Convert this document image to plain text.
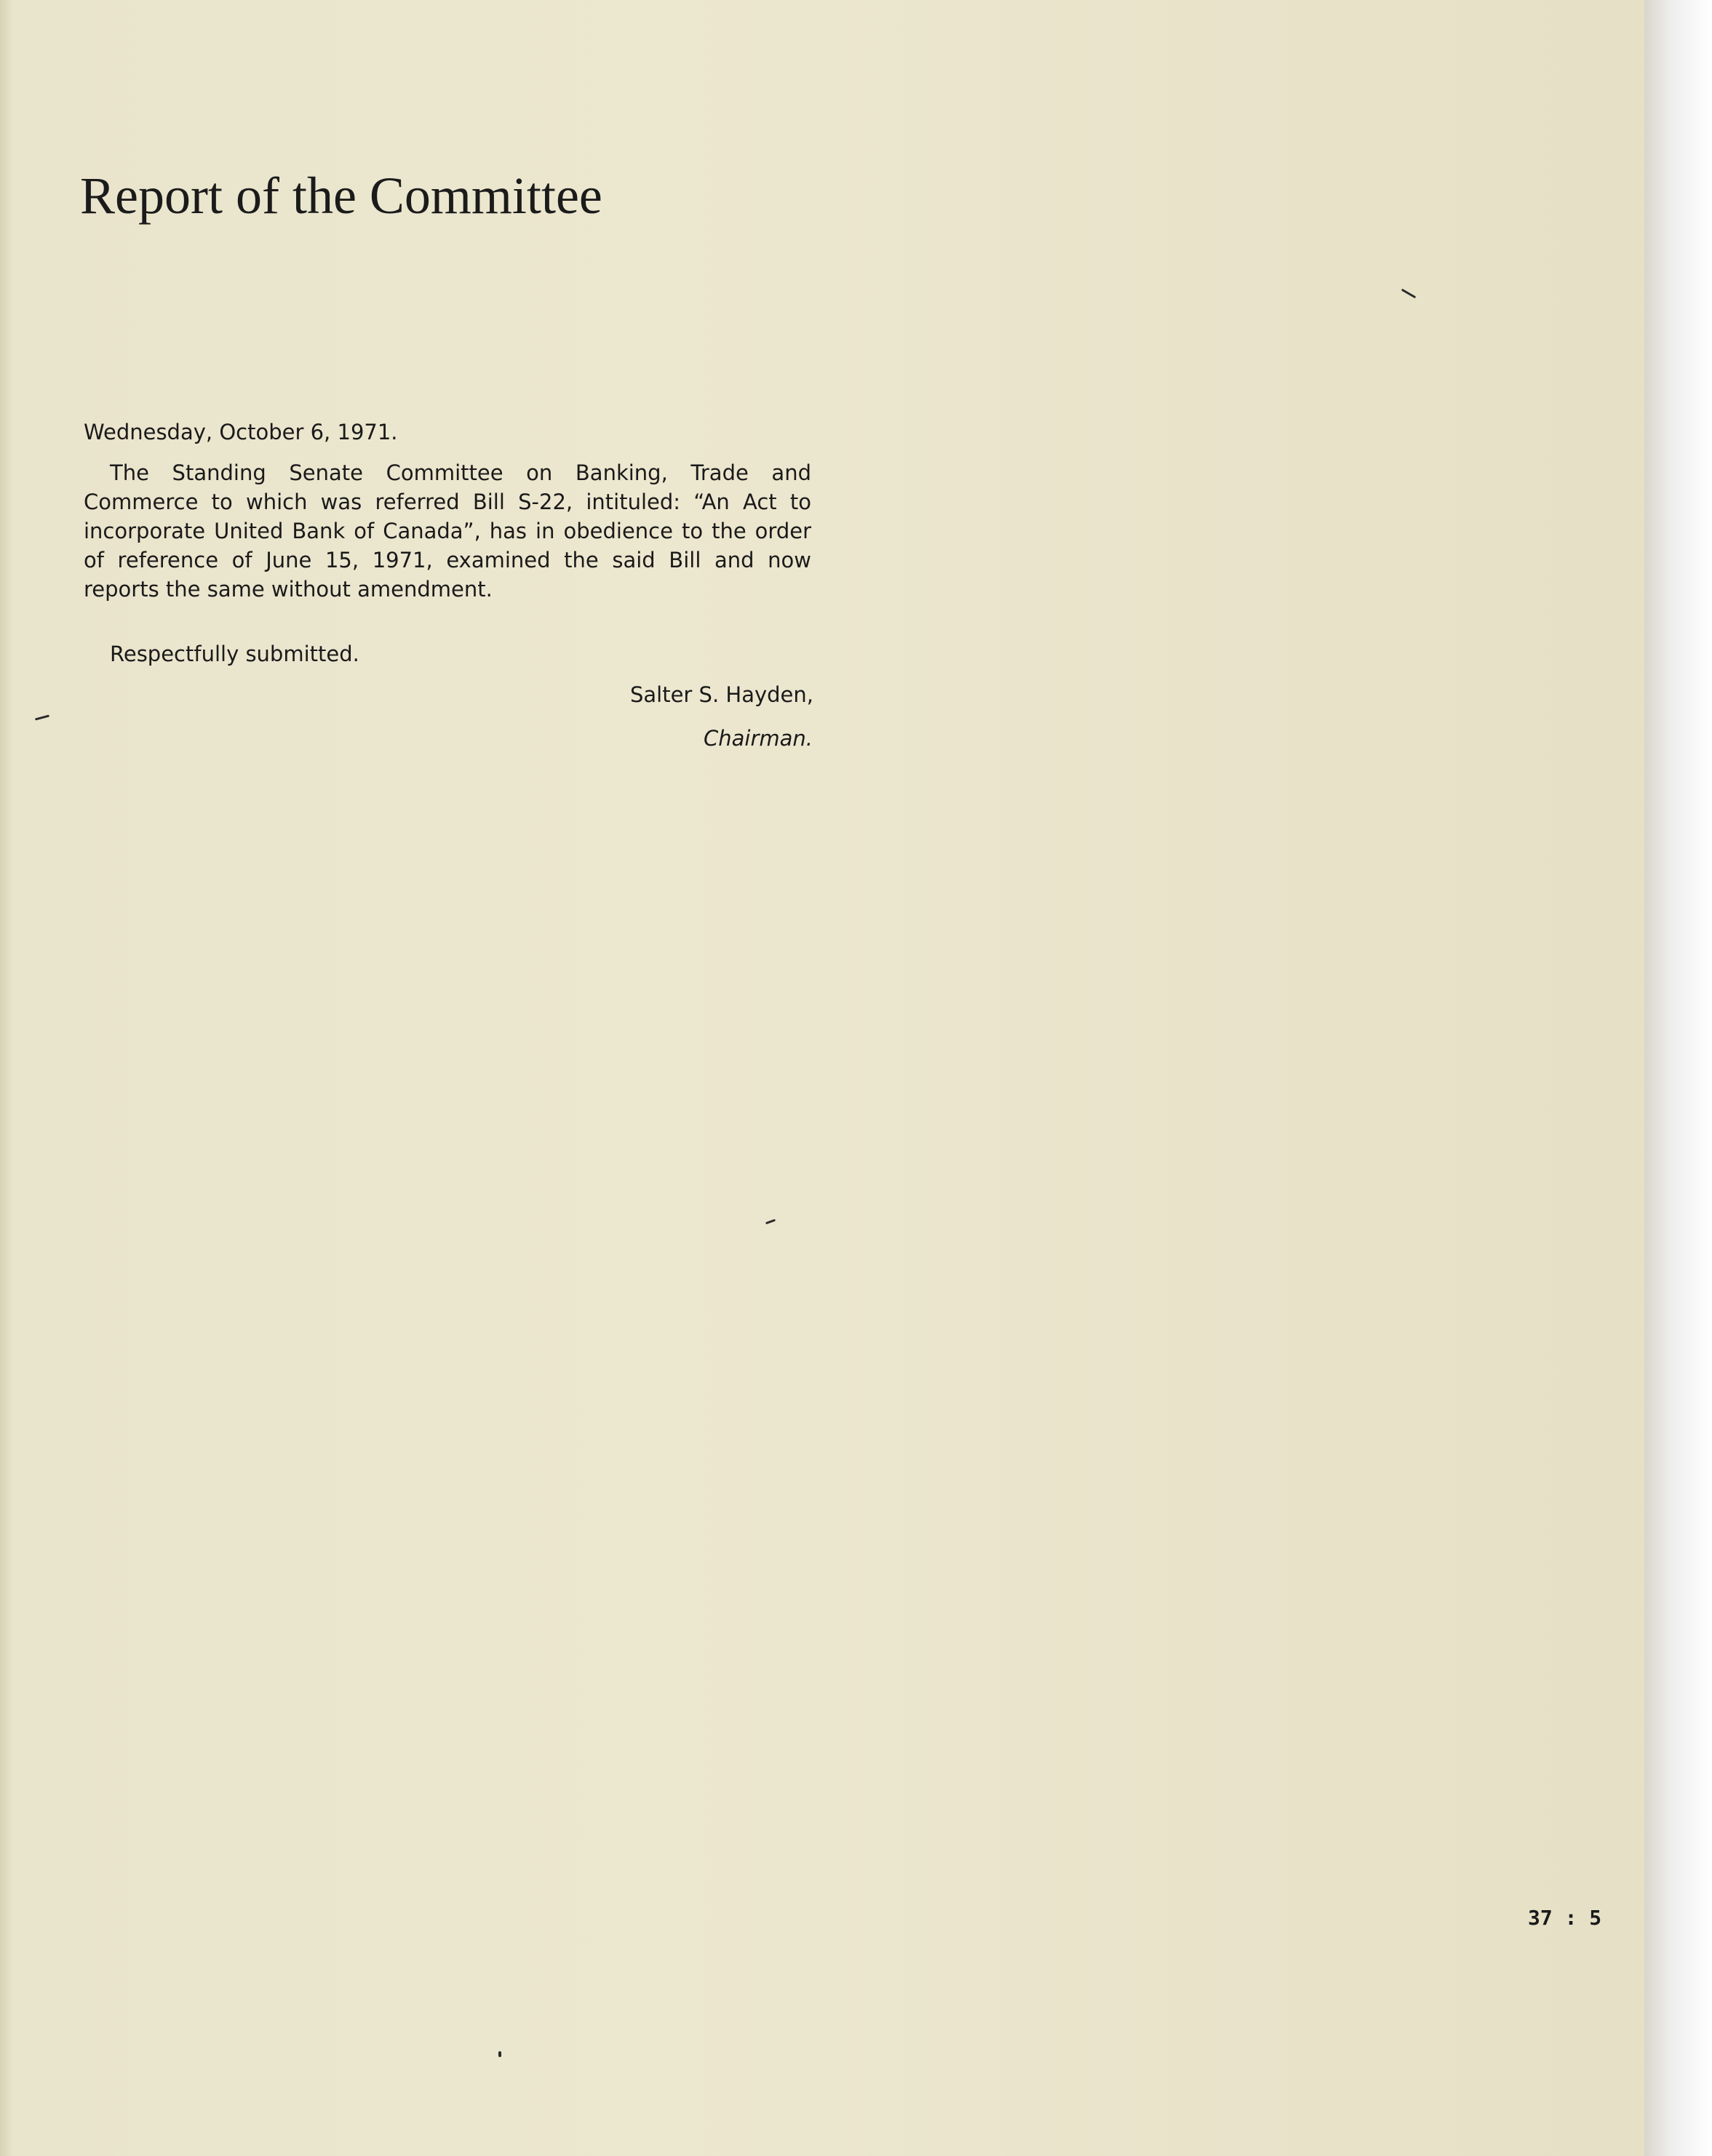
Report of the Committee

Wednesday, October 6, 1971.

The Standing Senate Committee on Banking, Trade and Commerce to which was referred Bill S-22, intituled: “An Act to incorporate United Bank of Canada”, has in obedience to the order of reference of June 15, 1971, examined the said Bill and now reports the same without amendment.

Respectfully submitted.

Salter S. Hayden,

Chairman.

37 : 5
